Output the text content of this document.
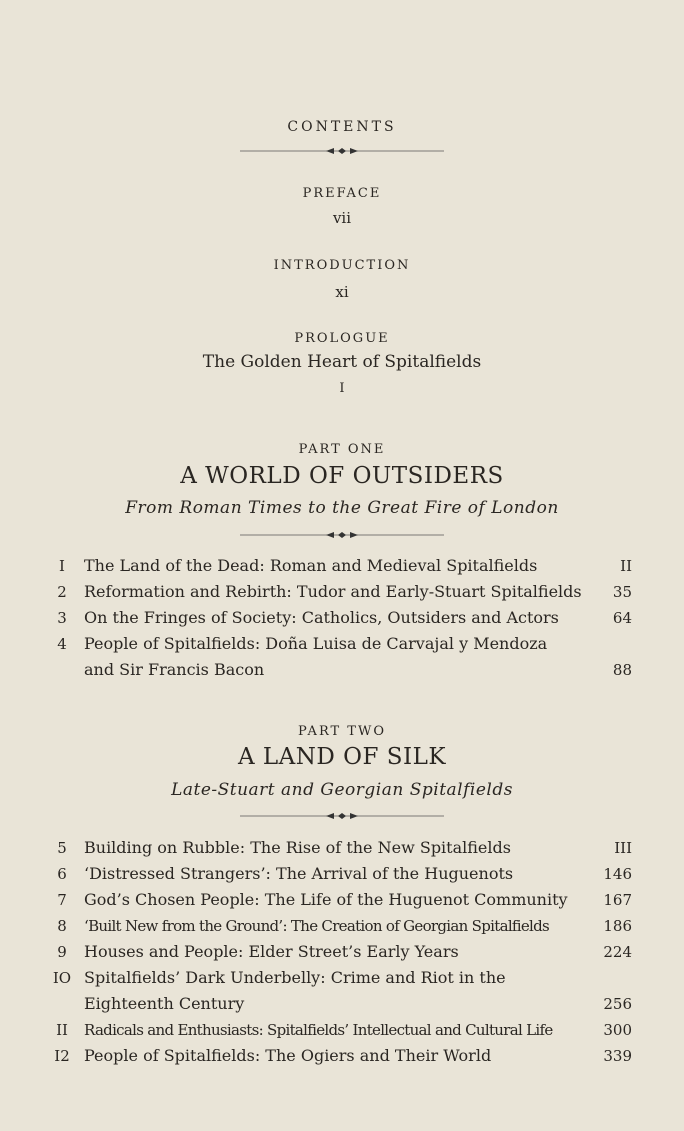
CONTENTS
PREFACE
vii
INTRODUCTION
xi
PROLOGUE
The Golden Heart of Spitalfields
I
PART ONE
A WORLD OF OUTSIDERS
From Roman Times to the Great Fire of London
I	The Land of the Dead: Roman and Medieval Spitalfields	II
2	Reformation and Rebirth: Tudor and Early-Stuart Spitalfields 35
3	On the Fringes of Society: Catholics, Outsiders and Actors	64
4	People of Spitalfields: Doña Luisa de Carvajal y Mendoza
and Sir Francis Bacon	88
PART TWO
A LAND OF SILK
Late-Stuart and Georgian Spitalfields
5	Building on Rubble: The Rise of the New Spitalfields	III
6	‘Distressed Strangers’: The Arrival of the Huguenots	146
7	God’s Chosen People: The Life of the Huguenot Community 167
8	‘Built New from the Ground’: The Creation of Georgian Spitalfields	186
9	Houses and People: Elder Street’s Early Years	224
IO Spitalfields’ Dark Underbelly: Crime and Riot in the
Eighteenth Century	256
II Radicals and Enthusiasts: Spitalfields’ Intellectual and Cultural Life	300
I2 People of Spitalfields: The Ogiers and Their World	339
